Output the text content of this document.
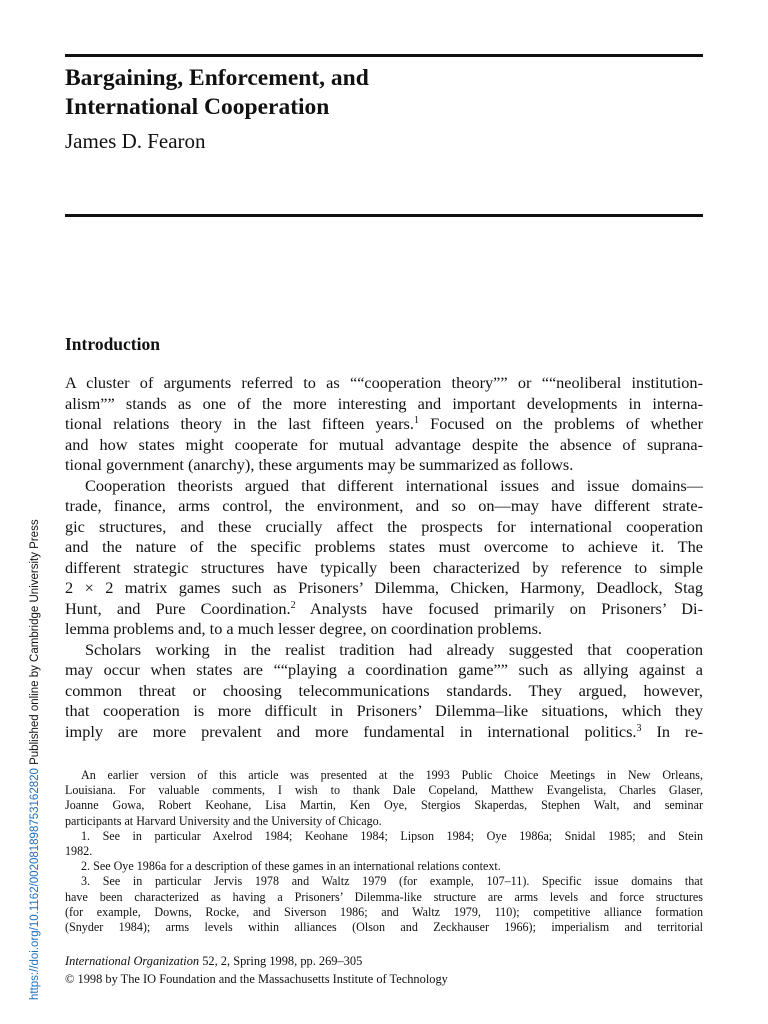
Bargaining, Enforcement, and
International Cooperation
James D. Fearon
Introduction
A cluster of arguments referred to as ““cooperation theory”” or ““neoliberal institution-
alism”” stands as one of the more interesting and important developments in interna-
tional relations theory in the last fifteen years.$^1$ Focused on the problems of whether
and how states might cooperate for mutual advantage despite the absence of suprana-
tional government (anarchy), these arguments may be summarized as follows.
Cooperation theorists argued that different international issues and issue domains—
trade, finance, arms control, the environment, and so on—may have different strate-
gic structures, and these crucially affect the prospects for international cooperation
and the nature of the specific problems states must overcome to achieve it. The
different strategic structures have typically been characterized by reference to simple
2 × 2 matrix games such as Prisoners’ Dilemma, Chicken, Harmony, Deadlock, Stag
Hunt, and Pure Coordination.$^2$ Analysts have focused primarily on Prisoners’ Di-
lemma problems and, to a much lesser degree, on coordination problems.
Scholars working in the realist tradition had already suggested that cooperation
may occur when states are ““playing a coordination game”” such as allying against a
common threat or choosing telecommunications standards. They argued, however,
that cooperation is more difficult in Prisoners’ Dilemma–like situations, which they
imply are more prevalent and more fundamental in international politics.$^3$ In re-
An earlier version of this article was presented at the 1993 Public Choice Meetings in New Orleans,
Louisiana. For valuable comments, I wish to thank Dale Copeland, Matthew Evangelista, Charles Glaser,
Joanne Gowa, Robert Keohane, Lisa Martin, Ken Oye, Stergios Skaperdas, Stephen Walt, and seminar
participants at Harvard University and the University of Chicago.
1. See in particular Axelrod 1984; Keohane 1984; Lipson 1984; Oye 1986a; Snidal 1985; and Stein
1982.
2. See Oye 1986a for a description of these games in an international relations context.
3. See in particular Jervis 1978 and Waltz 1979 (for example, 107–11). Specific issue domains that
have been characterized as having a Prisoners’ Dilemma-like structure are arms levels and force structures
(for example, Downs, Rocke, and Siverson 1986; and Waltz 1979, 110); competitive alliance formation
(Snyder 1984); arms levels within alliances (Olson and Zeckhauser 1966); imperialism and territorial
International Organization 52, 2, Spring 1998, pp. 269–305
© 1998 by The IO Foundation and the Massachusetts Institute of Technology
https://doi.org/10.1162/002081898753162820 Published online by Cambridge University Press
